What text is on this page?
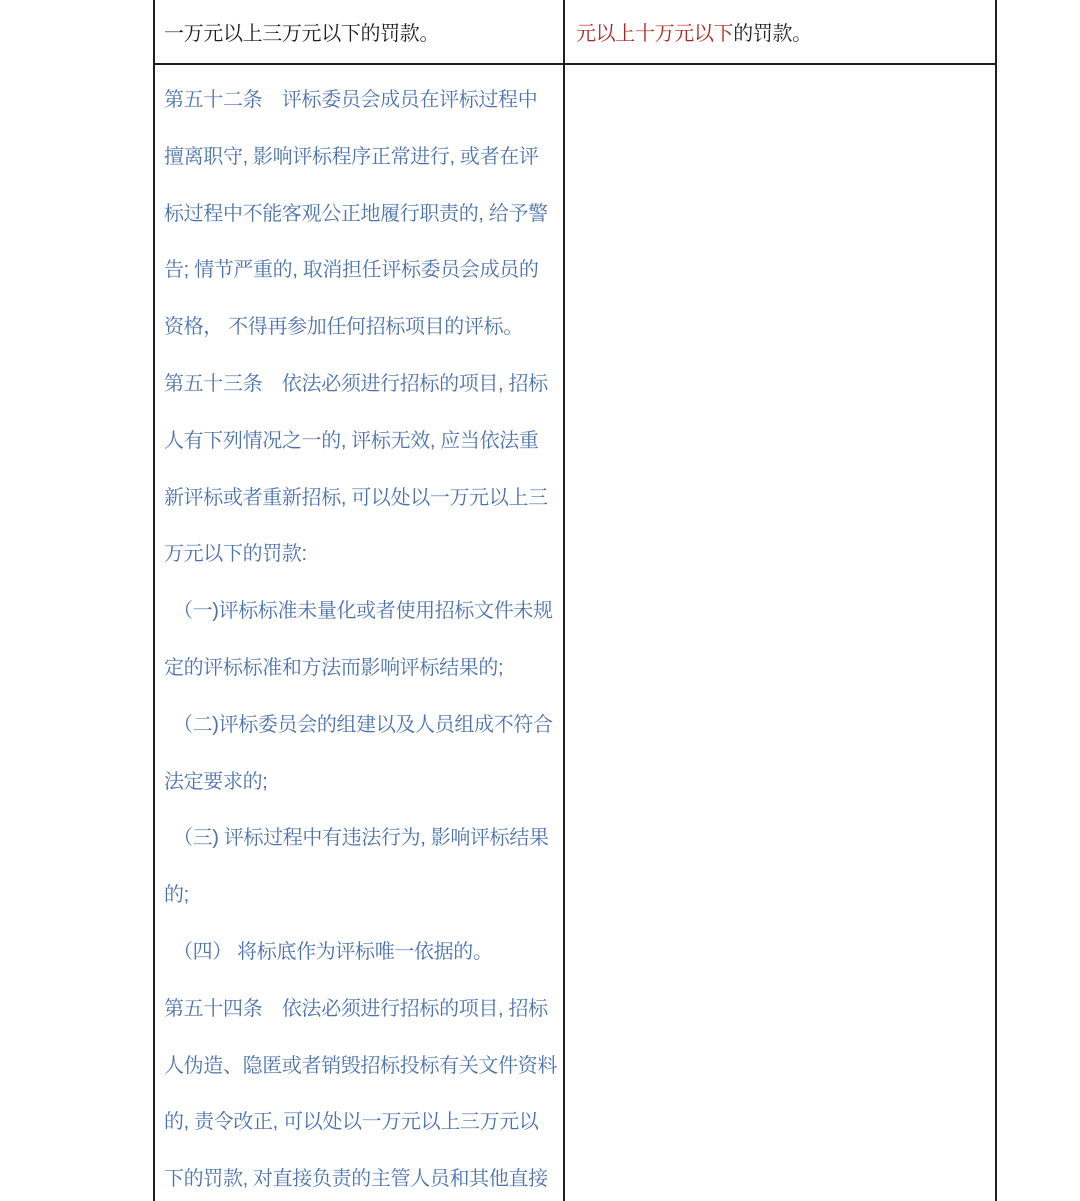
一万元以上三万元以下的罚款。	元以上十万元以下的罚款。
第五十二条　评标委员会成员在评标过程中
擅离职守, 影响评标程序正常进行, 或者在评
标过程中不能客观公正地履行职责的, 给予警
告; 情节严重的, 取消担任评标委员会成员的
资格， 不得再参加任何招标项目的评标。
第五十三条　依法必须进行招标的项目, 招标
人有下列情况之一的, 评标无效, 应当依法重
新评标或者重新招标, 可以处以一万元以上三
万元以下的罚款:
（一)评标标准未量化或者使用招标文件未规
定的评标标准和方法而影响评标结果的;
（二)评标委员会的组建以及人员组成不符合
法定要求的;
（三) 评标过程中有违法行为, 影响评标结果
的;
（四） 将标底作为评标唯一依据的。
第五十四条　依法必须进行招标的项目, 招标
人伪造、隐匿或者销毁招标投标有关文件资料
的, 责令改正, 可以处以一万元以上三万元以
下的罚款, 对直接负责的主管人员和其他直接
